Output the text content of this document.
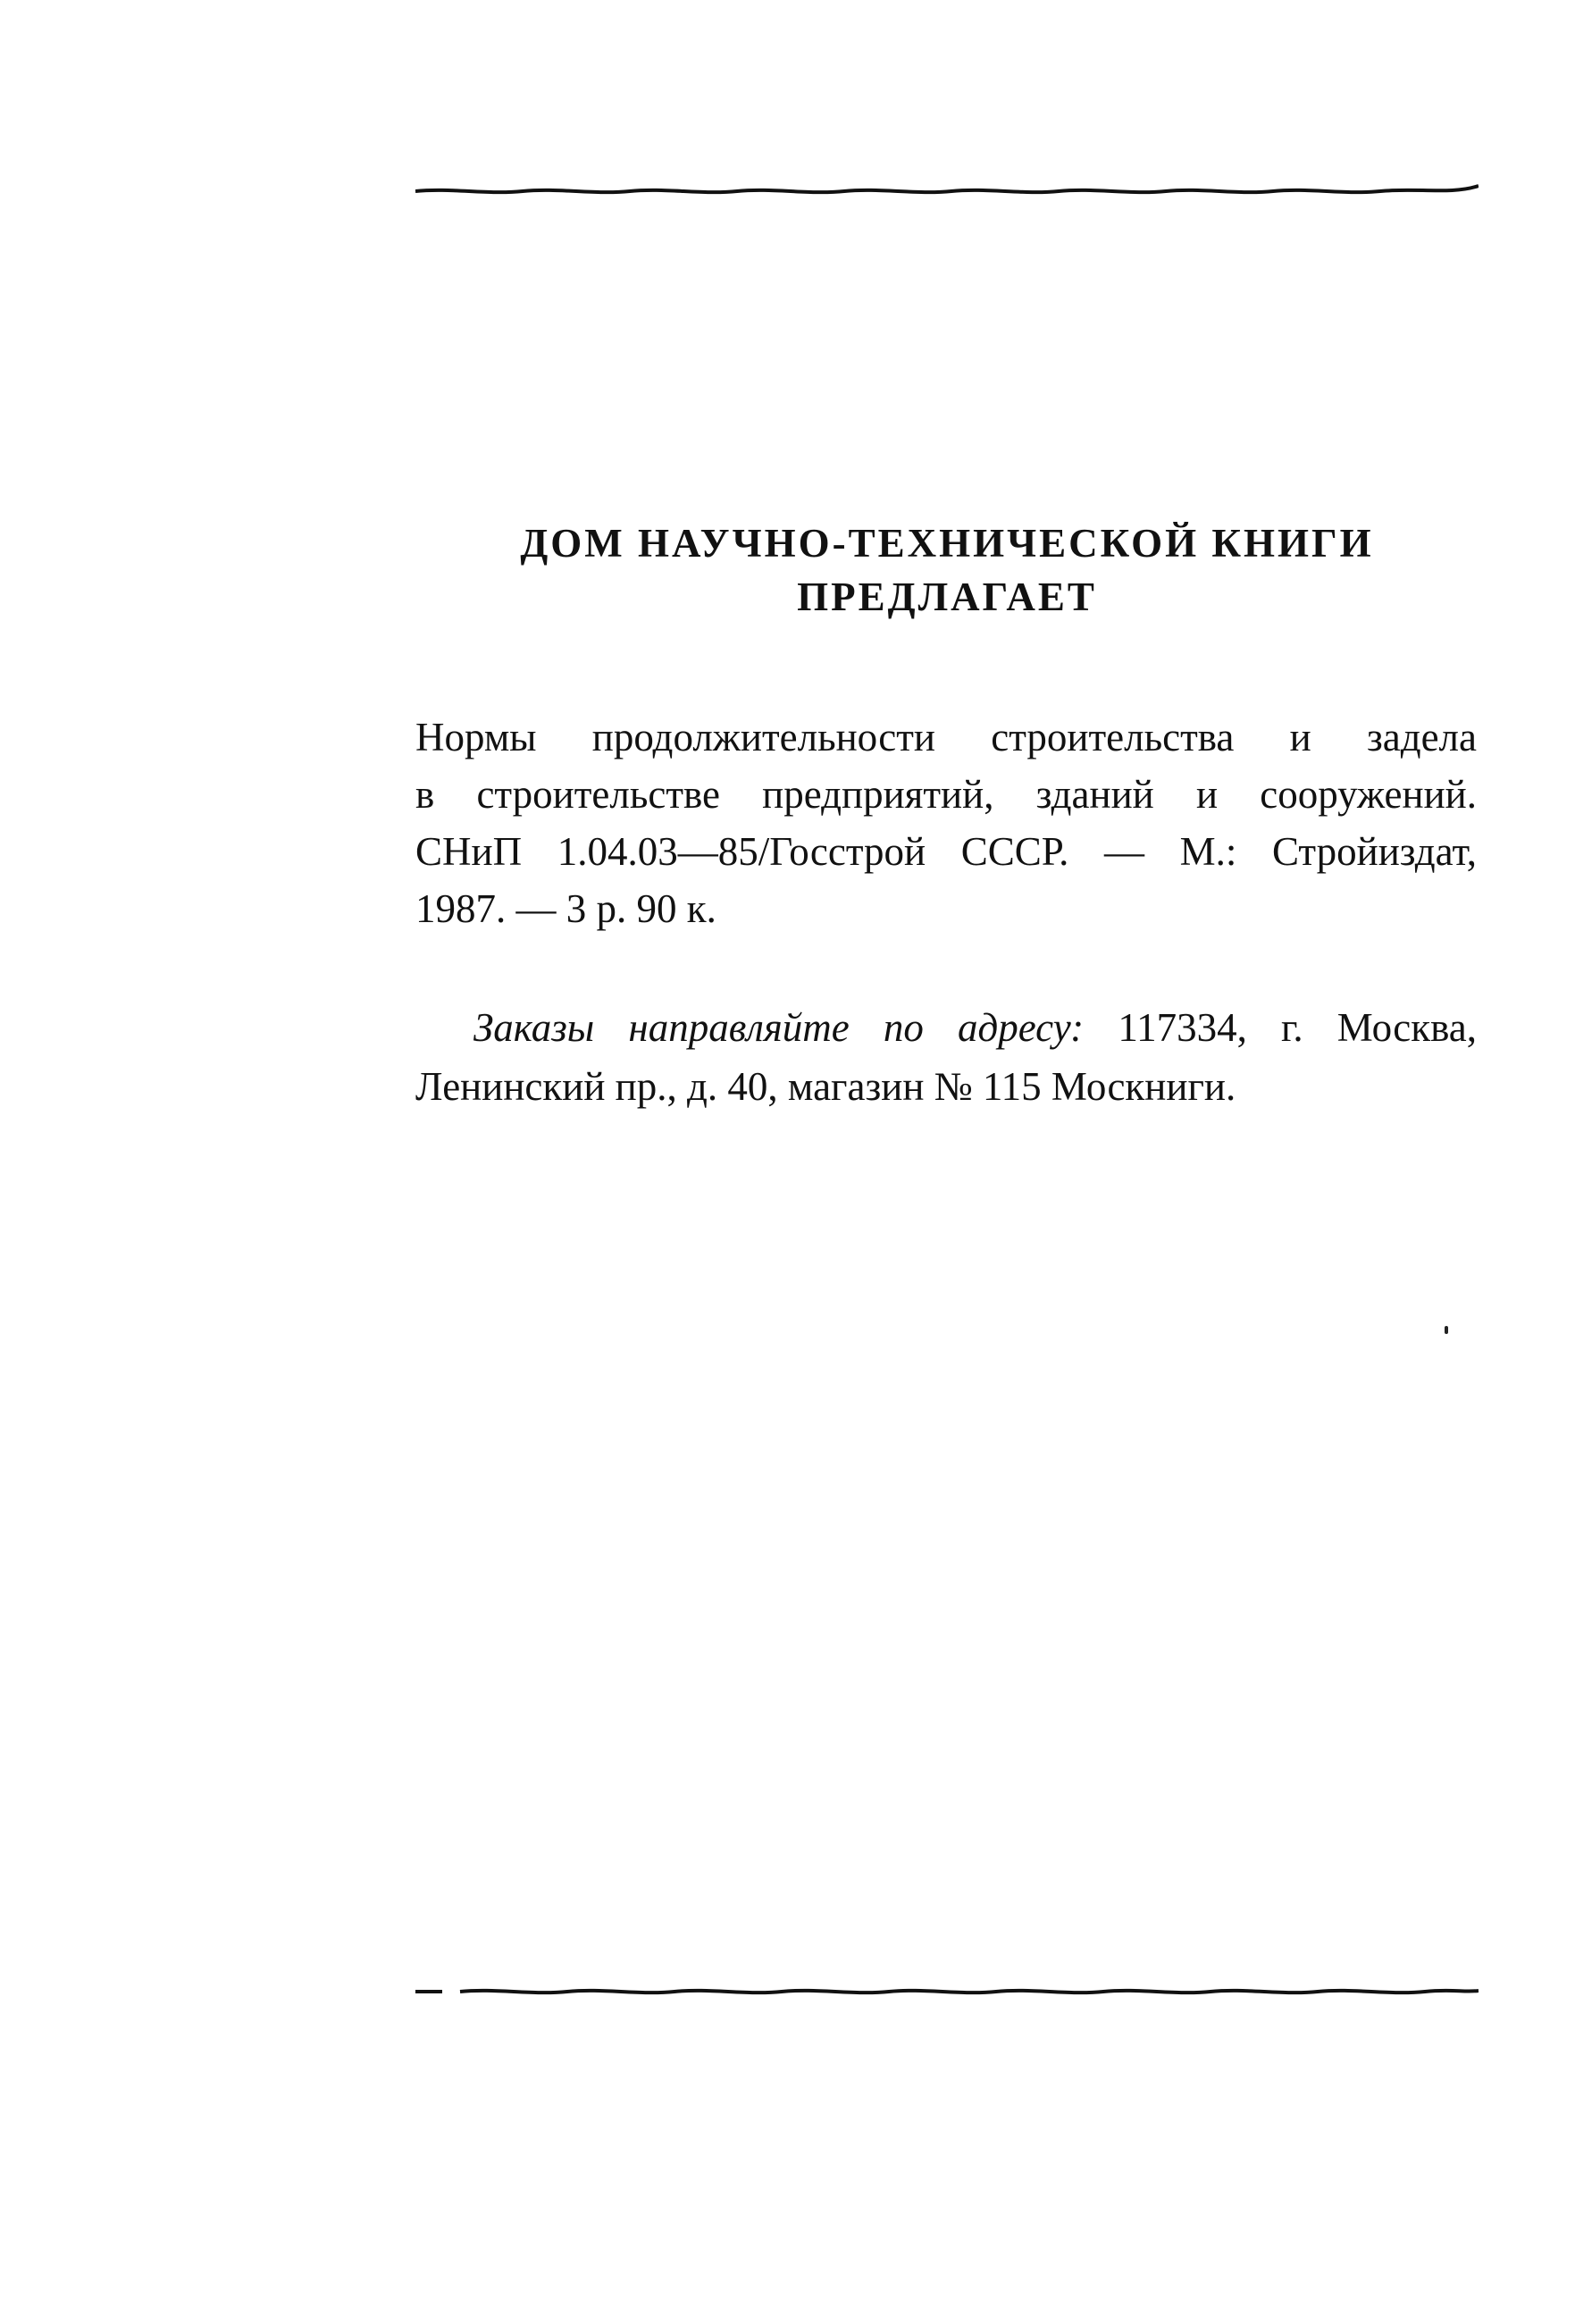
ДОМ НАУЧНО-ТЕХНИЧЕСКОЙ КНИГИ
ПРЕДЛАГАЕТ
Нормы продолжительности строительства и задела
в строительстве предприятий, зданий и сооружений.
СНиП 1.04.03—85/Госстрой СССР. — М.: Стройиздат,
1987. — 3 р. 90 к.
Заказы направляйте по адресу: 117334, г. Москва,
Ленинский пр., д. 40, магазин № 115 Москниги.
